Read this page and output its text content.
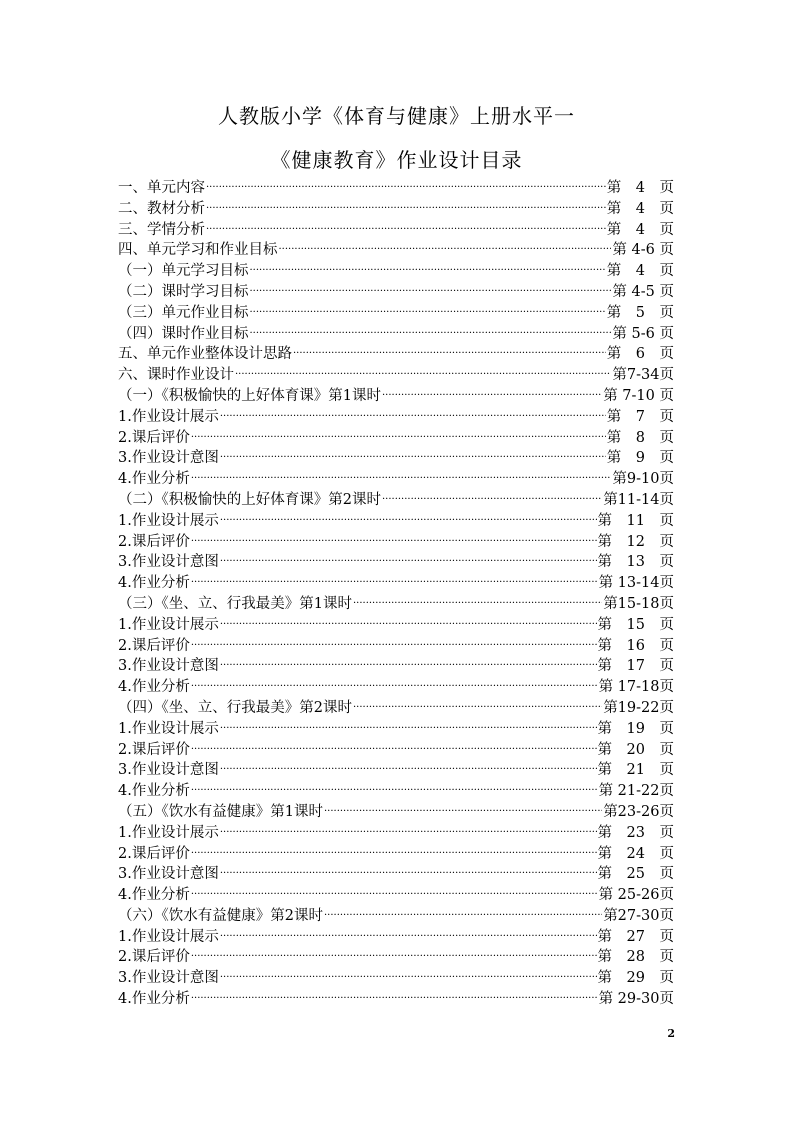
人教版小学《体育与健康》上册水平一
《健康教育》作业设计目录
一、单元内容 ·····	第　4　页
二、教材分析 ·····	第　4　页
三、学情分析 ·····	第　4　页
四、单元学习和作业目标 ·····	第 4-6 页
（一）单元学习目标 ·····	第　4　页
（二）课时学习目标 ·····	第 4-5 页
（三）单元作业目标 ·····	第　5　页
（四）课时作业目标 ·····	第 5-6 页
五、单元作业整体设计思路 ·····	第　6　页
六、课时作业设计 ·····	第7-34页
（一）《积极愉快的上好体育课》第1课时 ·····	第 7-10 页
1.作业设计展示 ·····	第　7　页
2.课后评价 ·····	第　8　页
3.作业设计意图 ·····	第　9　页
4.作业分析 ·····	第9-10页
（二）《积极愉快的上好体育课》第2课时 ·····	第11-14页
1.作业设计展示 ·····	第　11　页
2.课后评价 ·····	第　12　页
3.作业设计意图 ·····	第　13　页
4.作业分析 ·····	第 13-14页
（三）《坐、立、行我最美》第1课时 ·····	第15-18页
1.作业设计展示 ·····	第　15　页
2.课后评价 ·····	第　16　页
3.作业设计意图 ·····	第　17　页
4.作业分析 ·····	第 17-18页
（四）《坐、立、行我最美》第2课时 ·····	第19-22页
1.作业设计展示 ·····	第　19　页
2.课后评价 ·····	第　20　页
3.作业设计意图 ·····	第　21　页
4.作业分析 ·····	第 21-22页
（五）《饮水有益健康》第1课时 ·····	第23-26页
1.作业设计展示 ·····	第　23　页
2.课后评价 ·····	第　24　页
3.作业设计意图 ·····	第　25　页
4.作业分析 ·····	第 25-26页
（六）《饮水有益健康》第2课时 ·····	第27-30页
1.作业设计展示 ·····	第　27　页
2.课后评价 ·····	第　28　页
3.作业设计意图 ·····	第　29　页
4.作业分析 ·····	第 29-30页
2
